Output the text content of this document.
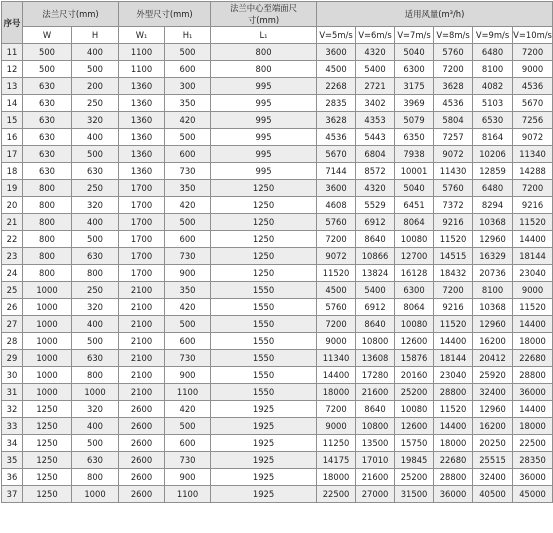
序号	法兰尺寸(mm)		外型尺寸(mm)		法兰中心至端面尺寸(mm)	适用风量(m³/h)					
	W	H	W₁	H₁	L₁	V=5m/s	V=6m/s	V=7m/s	V=8m/s	V=9m/s	V=10m/s
11	500	400	1100	500	800	3600	4320	5040	5760	6480	7200
12	500	500	1100	600	800	4500	5400	6300	7200	8100	9000
13	630	200	1360	300	995	2268	2721	3175	3628	4082	4536
14	630	250	1360	350	995	2835	3402	3969	4536	5103	5670
15	630	320	1360	420	995	3628	4353	5079	5804	6530	7256
16	630	400	1360	500	995	4536	5443	6350	7257	8164	9072
17	630	500	1360	600	995	5670	6804	7938	9072	10206	11340
18	630	630	1360	730	995	7144	8572	10001	11430	12859	14288
19	800	250	1700	350	1250	3600	4320	5040	5760	6480	7200
20	800	320	1700	420	1250	4608	5529	6451	7372	8294	9216
21	800	400	1700	500	1250	5760	6912	8064	9216	10368	11520
22	800	500	1700	600	1250	7200	8640	10080	11520	12960	14400
23	800	630	1700	730	1250	9072	10866	12700	14515	16329	18144
24	800	800	1700	900	1250	11520	13824	16128	18432	20736	23040
25	1000	250	2100	350	1550	4500	5400	6300	7200	8100	9000
26	1000	320	2100	420	1550	5760	6912	8064	9216	10368	11520
27	1000	400	2100	500	1550	7200	8640	10080	11520	12960	14400
28	1000	500	2100	600	1550	9000	10800	12600	14400	16200	18000
29	1000	630	2100	730	1550	11340	13608	15876	18144	20412	22680
30	1000	800	2100	900	1550	14400	17280	20160	23040	25920	28800
31	1000	1000	2100	1100	1550	18000	21600	25200	28800	32400	36000
32	1250	320	2600	420	1925	7200	8640	10080	11520	12960	14400
33	1250	400	2600	500	1925	9000	10800	12600	14400	16200	18000
34	1250	500	2600	600	1925	11250	13500	15750	18000	20250	22500
35	1250	630	2600	730	1925	14175	17010	19845	22680	25515	28350
36	1250	800	2600	900	1925	18000	21600	25200	28800	32400	36000
37	1250	1000	2600	1100	1925	22500	27000	31500	36000	40500	45000
